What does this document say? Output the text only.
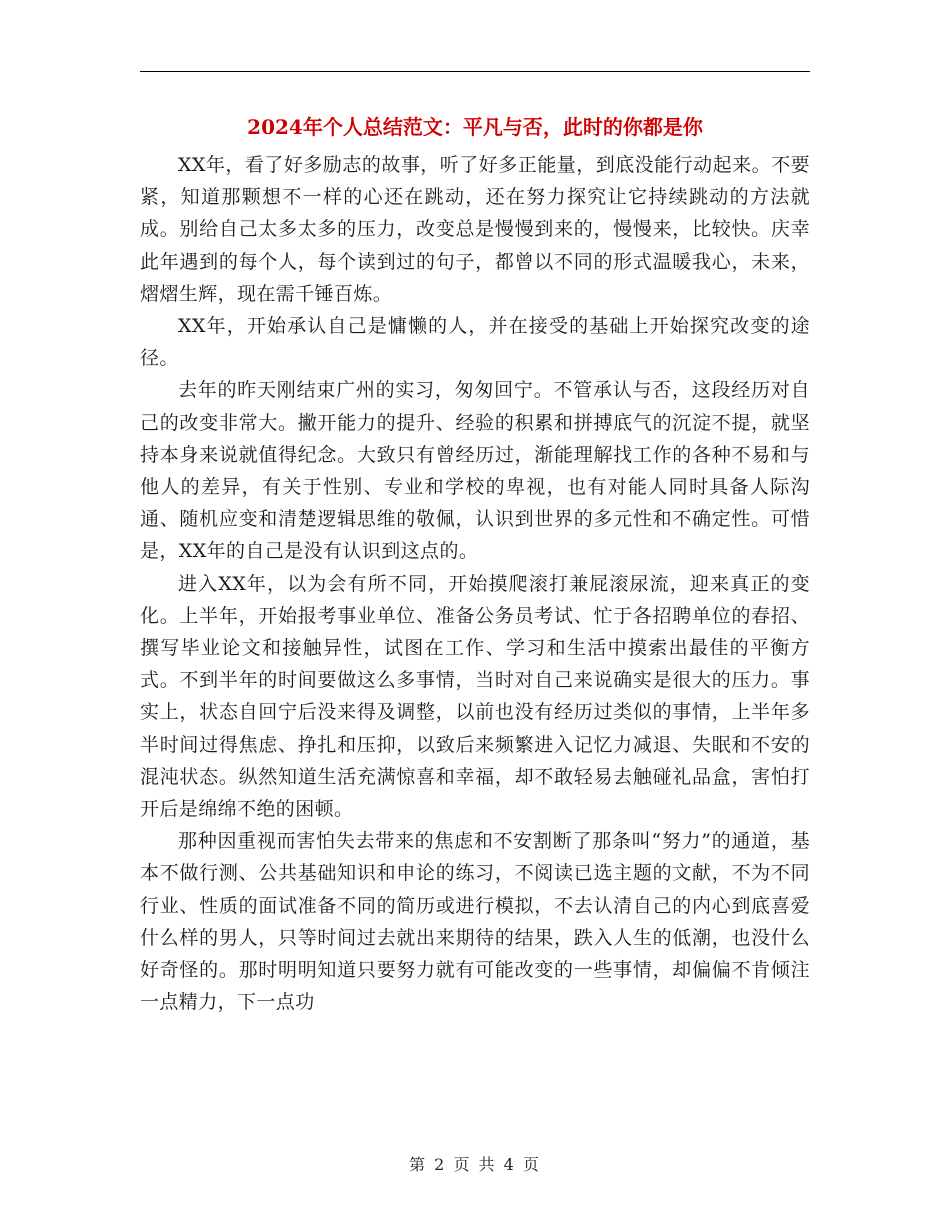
2024年个人总结范文：平凡与否，此时的你都是你

XX年，看了好多励志的故事，听了好多正能量，到底没能行动起来。不要紧，知道那颗想不一样的心还在跳动，还在努力探究让它持续跳动的方法就成。别给自己太多太多的压力，改变总是慢慢到来的，慢慢来，比较快。庆幸此年遇到的每个人，每个读到过的句子，都曾以不同的形式温暖我心，未来，熠熠生辉，现在需千锤百炼。

XX年，开始承认自己是慵懒的人，并在接受的基础上开始探究改变的途径。

去年的昨天刚结束广州的实习，匆匆回宁。不管承认与否，这段经历对自己的改变非常大。撇开能力的提升、经验的积累和拼搏底气的沉淀不提，就坚持本身来说就值得纪念。大致只有曾经历过，渐能理解找工作的各种不易和与他人的差异，有关于性别、专业和学校的卑视，也有对能人同时具备人际沟通、随机应变和清楚逻辑思维的敬佩，认识到世界的多元性和不确定性。可惜是，XX年的自己是没有认识到这点的。

进入XX年，以为会有所不同，开始摸爬滚打兼屁滚尿流，迎来真正的变化。上半年，开始报考事业单位、准备公务员考试、忙于各招聘单位的春招、撰写毕业论文和接触异性，试图在工作、学习和生活中摸索出最佳的平衡方式。不到半年的时间要做这么多事情，当时对自己来说确实是很大的压力。事实上，状态自回宁后没来得及调整，以前也没有经历过类似的事情，上半年多半时间过得焦虑、挣扎和压抑，以致后来频繁进入记忆力减退、失眠和不安的混沌状态。纵然知道生活充满惊喜和幸福，却不敢轻易去触碰礼品盒，害怕打开后是绵绵不绝的困顿。

那种因重视而害怕失去带来的焦虑和不安割断了那条叫“努力”的通道，基本不做行测、公共基础知识和申论的练习，不阅读已选主题的文献，不为不同行业、性质的面试准备不同的简历或进行模拟，不去认清自己的内心到底喜爱什么样的男人，只等时间过去就出来期待的结果，跌入人生的低潮，也没什么好奇怪的。那时明明知道只要努力就有可能改变的一些事情，却偏偏不肯倾注一点精力，下一点功

第 2 页 共 4 页
